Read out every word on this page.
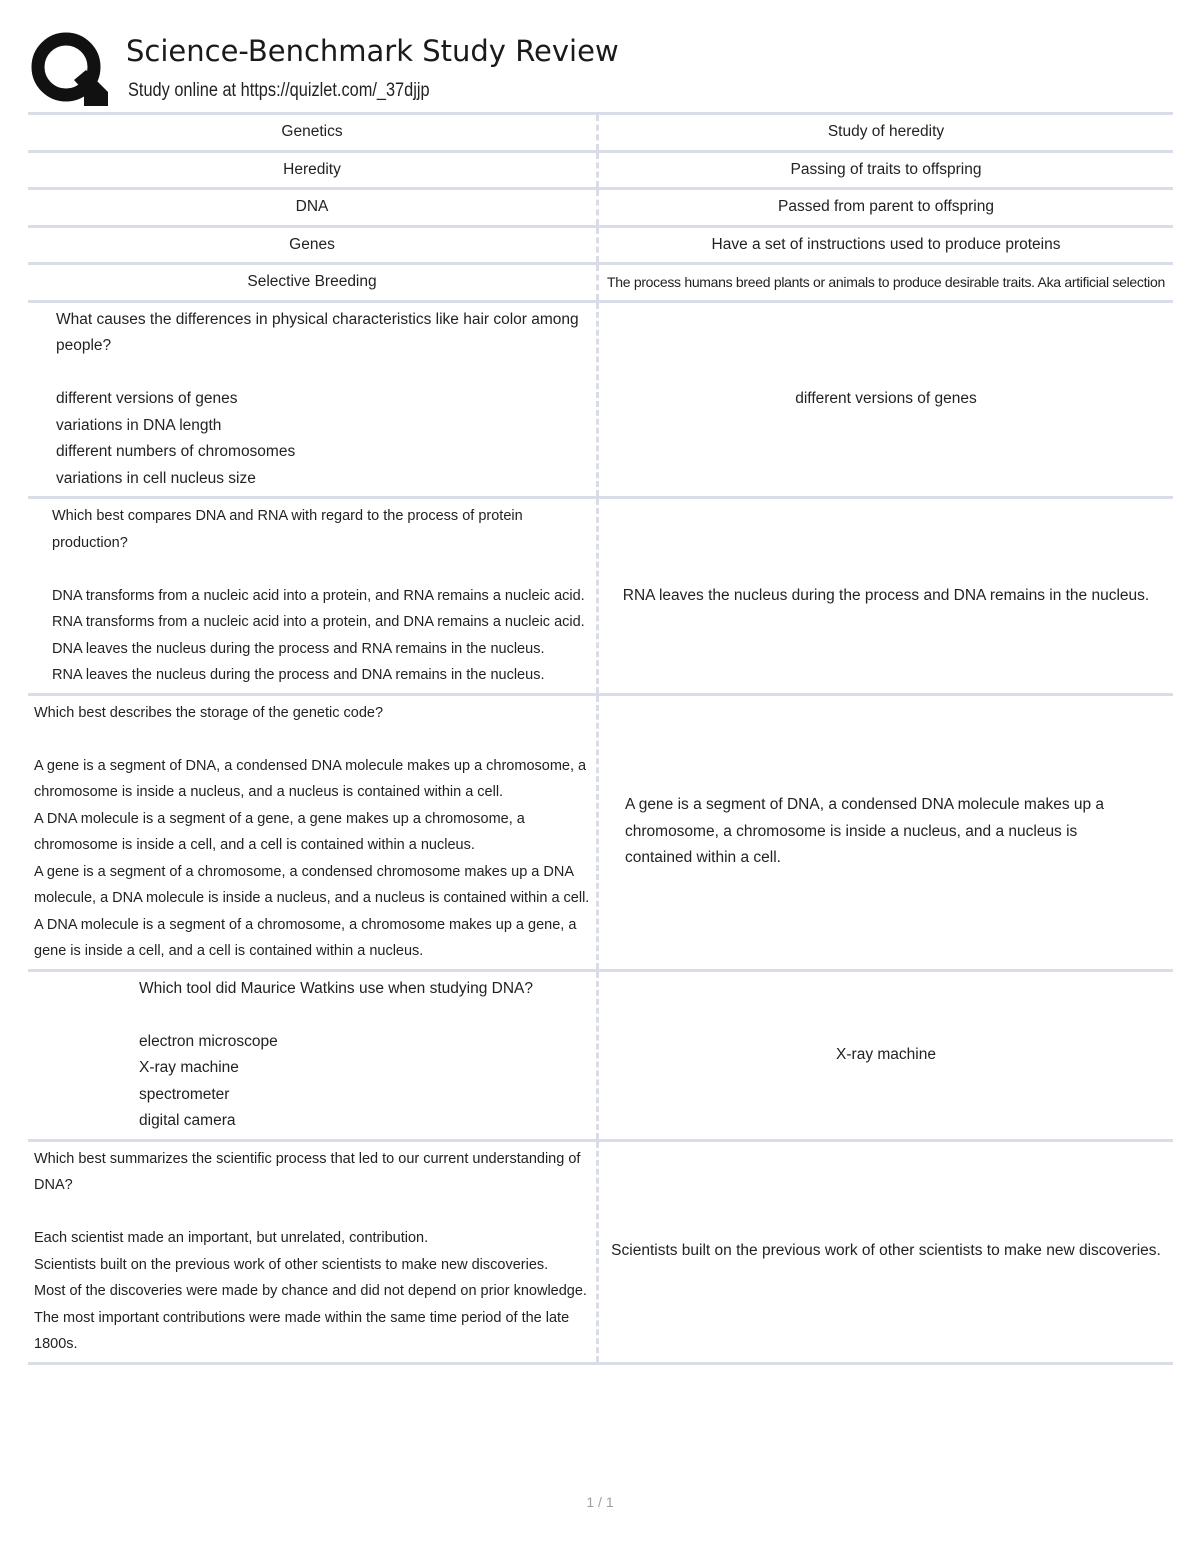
Science-Benchmark Study Review
Study online at https://quizlet.com/_37djjp
Genetics	Study of heredity

Heredity	Passing of traits to offspring

DNA	Passed from parent to offspring

Genes	Have a set of instructions used to produce proteins

Selective Breeding	The process humans breed plants or animals to produce desirable traits. Aka artificial selection

What causes the differences in physical characteristics like hair color among people?

different versions of genes
variations in DNA length
different numbers of chromosomes
variations in cell nucleus size	different versions of genes

Which best compares DNA and RNA with regard to the process of protein production?

DNA transforms from a nucleic acid into a protein, and RNA remains a nucleic acid.
RNA transforms from a nucleic acid into a protein, and DNA remains a nucleic acid.
DNA leaves the nucleus during the process and RNA remains in the nucleus.
RNA leaves the nucleus during the process and DNA remains in the nucleus.	RNA leaves the nucleus during the process and DNA remains in the nucleus.

Which best describes the storage of the genetic code?

A gene is a segment of DNA, a condensed DNA molecule makes up a chromosome, a chromosome is inside a nucleus, and a nucleus is contained within a cell.
A DNA molecule is a segment of a gene, a gene makes up a chromosome, a chromosome is inside a cell, and a cell is contained within a nucleus.
A gene is a segment of a chromosome, a condensed chromosome makes up a DNA molecule, a DNA molecule is inside a nucleus, and a nucleus is contained within a cell.
A DNA molecule is a segment of a chromosome, a chromosome makes up a gene, a gene is inside a cell, and a cell is contained within a nucleus.	A gene is a segment of DNA, a condensed DNA molecule makes up a chromosome, a chromosome is inside a nucleus, and a nucleus is contained within a cell.

Which tool did Maurice Watkins use when studying DNA?

electron microscope
X-ray machine
spectrometer
digital camera	X-ray machine

Which best summarizes the scientific process that led to our current understanding of DNA?

Each scientist made an important, but unrelated, contribution.
Scientists built on the previous work of other scientists to make new discoveries.
Most of the discoveries were made by chance and did not depend on prior knowledge.
The most important contributions were made within the same time period of the late 1800s.	Scientists built on the previous work of other scientists to make new discoveries.
1 / 1
